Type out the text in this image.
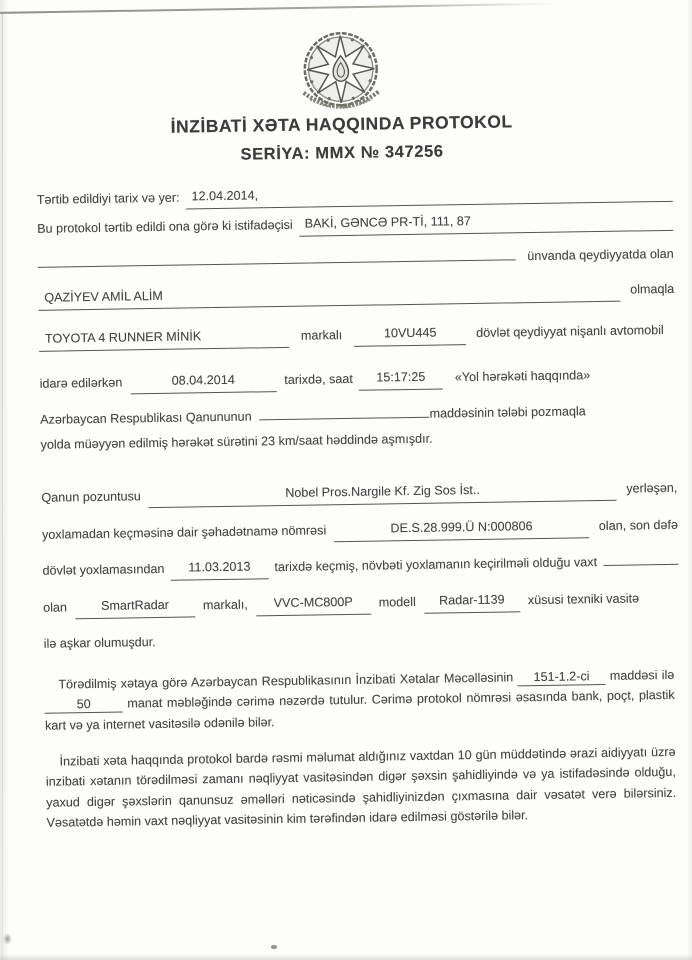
İNZİBATİ XƏTA HAQQINDA PROTOKOL
SERİYA: MMX № 347256
Tərtib edildiyi tarix və yer: 12.04.2014,
Bu protokol tərtib edildi ona görə ki istifadəçisi BAKİ, GƏNCƏ PR-Tİ, 111, 87
ünvanda qeydiyyatda olan
QAZİYEV AMİL ALİM	olmaqla
TOYOTA 4 RUNNER MİNİK	markalı	10VU445	dövlət qeydiyyat nişanlı avtomobil
idarə edilərkən	08.04.2014	tarixdə, saat	15:17:25	«Yol hərəkəti haqqında»
Azərbaycan Respublikası Qanununun	maddəsinin tələbi pozmaqla
yolda müəyyən edilmiş hərəkət sürətini 23 km/saat həddində aşmışdır.
Qanun pozuntusu	Nobel Pros.Nargile Kf. Zig Sos İst..	yerləşən,
yoxlamadan keçməsinə dair şəhadətnamə nömrəsi	DE.S.28.999.Ü N:000806	olan, son dəfə
dövlət yoxlamasından	11.03.2013	tarixdə keçmiş, növbəti yoxlamanın keçirilməli olduğu vaxt
olan	SmartRadar	markalı,	VVC-MC800P	modell	Radar-1139	xüsusi texniki vasitə
ilə aşkar olumuşdur.
Törədilmiş xətaya görə Azərbaycan Respublikasının İnzibati Xətalar Məcəlləsinin 151-1.2-ci maddəsi ilə 50	manat məbləğində cərimə nəzərdə tutulur. Cərimə protokol nömrəsi əsasında bank, poçt, plastik kart və ya internet vasitəsilə odənilə bilər.
İnzibati xəta haqqında protokol bardə rəsmi məlumat aldığınız vaxtdan 10 gün müddətində ərazi aidiyyatı üzrə inzibati xətanın törədilməsi zamanı nəqliyyat vasitəsindən digər şəxsin şahidliyində və ya istifadəsində olduğu, yaxud digər şəxslərin qanunsuz əməlləri nəticəsində şahidliyinizdən çıxmasına dair vəsatət verə bilərsiniz. Vəsatətdə həmin vaxt nəqliyyat vasitəsinin kim tərəfindən idarə edilməsi göstərilə bilər.
